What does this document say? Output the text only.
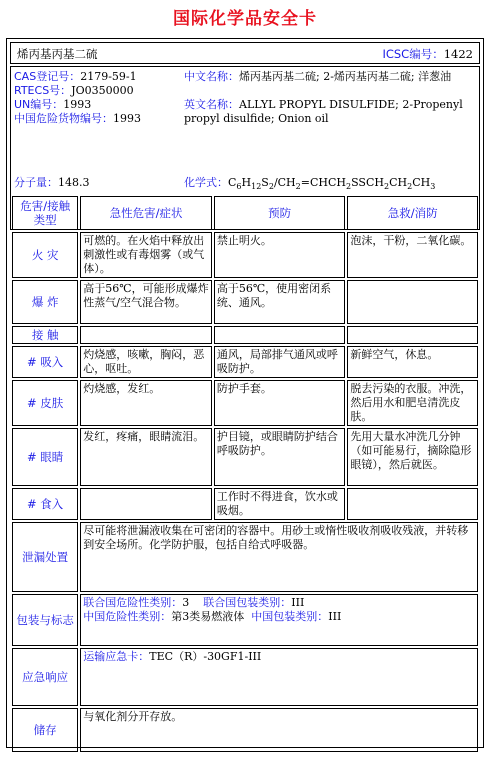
国际化学品安全卡
烯丙基丙基二硫	ICSC编号：1422
CAS登记号：2179-59-1
RTECS号：JO0350000
UN编号：1993
中国危险货物编号：1993
中文名称：烯丙基丙基二硫; 2-烯丙基丙基二硫; 洋葱油
英文名称：ALLYL PROPYL DISULFIDE; 2-Propenyl propyl disulfide; Onion oil
分子量：148.3	化学式：$C_6H_{12}S_2/CH_2=CHCH_2SSCH_2CH_2CH_3$
危害/接触类型	急性危害/症状	预防	急救/消防
火 灾	可燃的。在火焰中释放出刺激性或有毒烟雾（或气体）。	禁止明火。	泡沫，干粉，二氧化碳。
爆 炸	高于56℃，可能形成爆炸性蒸气/空气混合物。	高于56℃，使用密闭系统、通风。	
接 触			
# 吸入	灼烧感，咳嗽，胸闷，恶心，呕吐。	通风，局部排气通风或呼吸防护。	新鲜空气，休息。
# 皮肤	灼烧感，发红。	防护手套。	脱去污染的衣服。冲洗，然后用水和肥皂清洗皮肤。
# 眼睛	发红，疼痛，眼睛流泪。	护目镜，或眼睛防护结合呼吸防护。	先用大量水冲洗几分钟（如可能易行，摘除隐形眼镜），然后就医。
# 食入		工作时不得进食，饮水或吸烟。	
泄漏处置	尽可能将泄漏液收集在可密闭的容器中。用砂土或惰性吸收剂吸收残液，并转移到安全场所。化学防护服，包括自给式呼吸器。		
包装与标志	联合国危险性类别：3 联合国包装类别：III
中国危险性类别：第3类易燃液体 中国包装类别：III		

应急响应	运输应急卡：TEC（R）-30GF1-III		
储存	与氧化剂分开存放。		
